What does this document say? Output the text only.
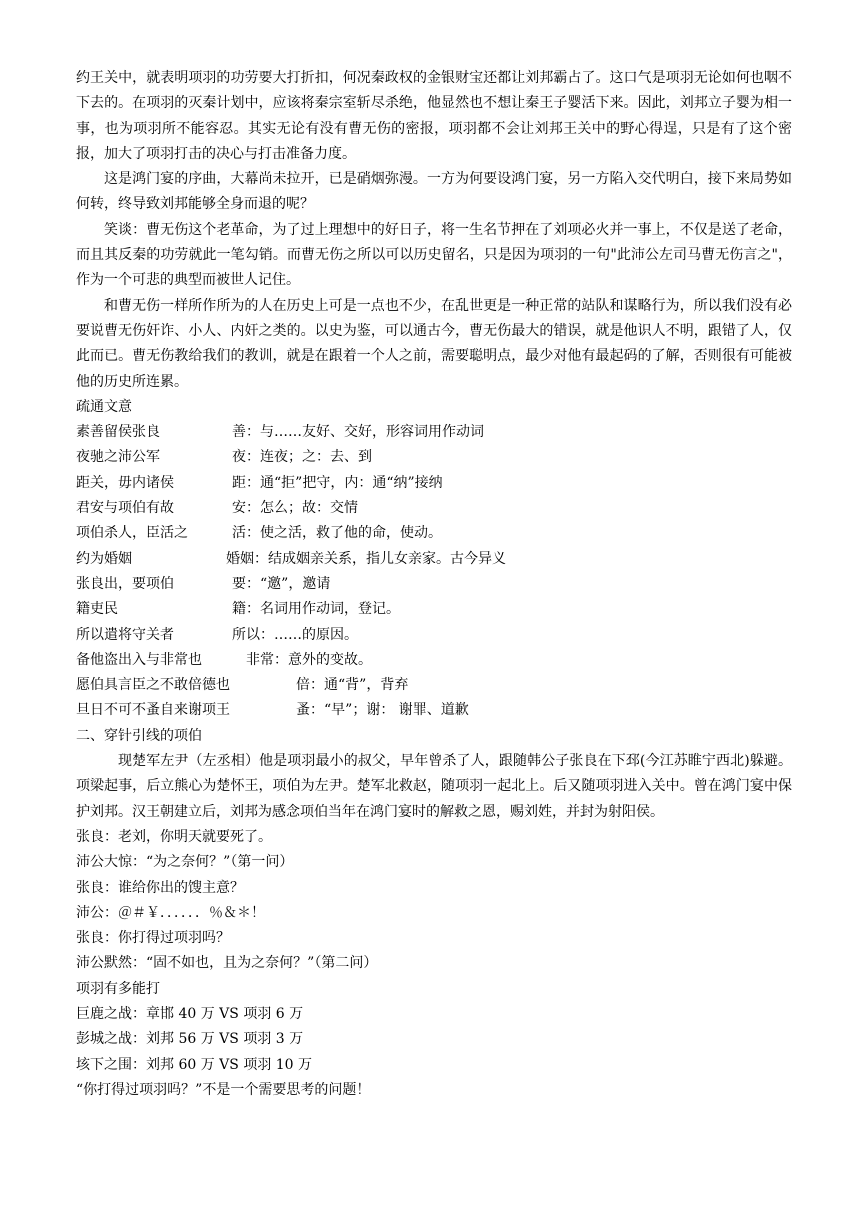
约王关中，就表明项羽的功劳要大打折扣，何况秦政权的金银财宝还都让刘邦霸占了。这口气是项羽无论如何也咽不下去的。在项羽的灭秦计划中，应该将秦宗室斩尽杀绝，他显然也不想让秦王子婴活下来。因此，刘邦立子婴为相一事，也为项羽所不能容忍。其实无论有没有曹无伤的密报，项羽都不会让刘邦王关中的野心得逞，只是有了这个密报，加大了项羽打击的决心与打击准备力度。

这是鸿门宴的序曲，大幕尚未拉开，已是硝烟弥漫。一方为何要设鸿门宴，另一方陷入交代明白，接下来局势如何转，终导致刘邦能够全身而退的呢？

笑谈：曹无伤这个老革命，为了过上理想中的好日子，将一生名节押在了刘项必火并一事上，不仅是送了老命，而且其反秦的功劳就此一笔勾销。而曹无伤之所以可以历史留名，只是因为项羽的一句"此沛公左司马曹无伤言之"，作为一个可悲的典型而被世人记住。

和曹无伤一样所作所为的人在历史上可是一点也不少，在乱世更是一种正常的站队和谋略行为，所以我们没有必要说曹无伤奸诈、小人、内奸之类的。以史为鉴，可以通古今，曹无伤最大的错误，就是他识人不明，跟错了人，仅此而已。曹无伤教给我们的教训，就是在跟着一个人之前，需要聪明点，最少对他有最起码的了解，否则很有可能被他的历史所连累。

疏通文意
素善留侯张良	善：与……友好、交好，形容词用作动词
夜驰之沛公军	夜：连夜；之：去、到
距关，毋内诸侯	距：通“拒”把守，内：通“纳”接纳
君安与项伯有故	安：怎么；故：交情
项伯杀人，臣活之	活：使之活，救了他的命，使动。
约为婚姻	婚姻：结成姻亲关系，指儿女亲家。古今异义
张良出，要项伯	要：“邀”，邀请
籍吏民	籍：名词用作动词，登记。
所以遣将守关者	所以：……的原因。
备他盗出入与非常也	非常：意外的变故。
愿伯具言臣之不敢倍德也	倍：通“背”，背弃
旦日不可不蚤自来谢项王	蚤：“早”；谢： 谢罪、道歉
二、穿针引线的项伯

现楚军左尹（左丞相）他是项羽最小的叔父，早年曾杀了人，跟随韩公子张良在下邳(今江苏睢宁西北)躲避。项梁起事，后立熊心为楚怀王，项伯为左尹。楚军北救赵，随项羽一起北上。后又随项羽进入关中。曾在鸿门宴中保护刘邦。汉王朝建立后，刘邦为感念项伯当年在鸿门宴时的解救之恩，赐刘姓，并封为射阳侯。

张良：老刘，你明天就要死了。
沛公大惊：“为之奈何？”（第一问）
张良：谁给你出的馊主意？
沛公：＠＃￥．．．．．．％＆＊！
张良：你打得过项羽吗？
沛公默然：“固不如也，且为之奈何？”（第二问）
项羽有多能打
巨鹿之战：章邯 40 万 VS 项羽 6 万
彭城之战：刘邦 56 万 VS 项羽 3 万
垓下之围：刘邦 60 万 VS 项羽 10 万
“你打得过项羽吗？”不是一个需要思考的问题！
